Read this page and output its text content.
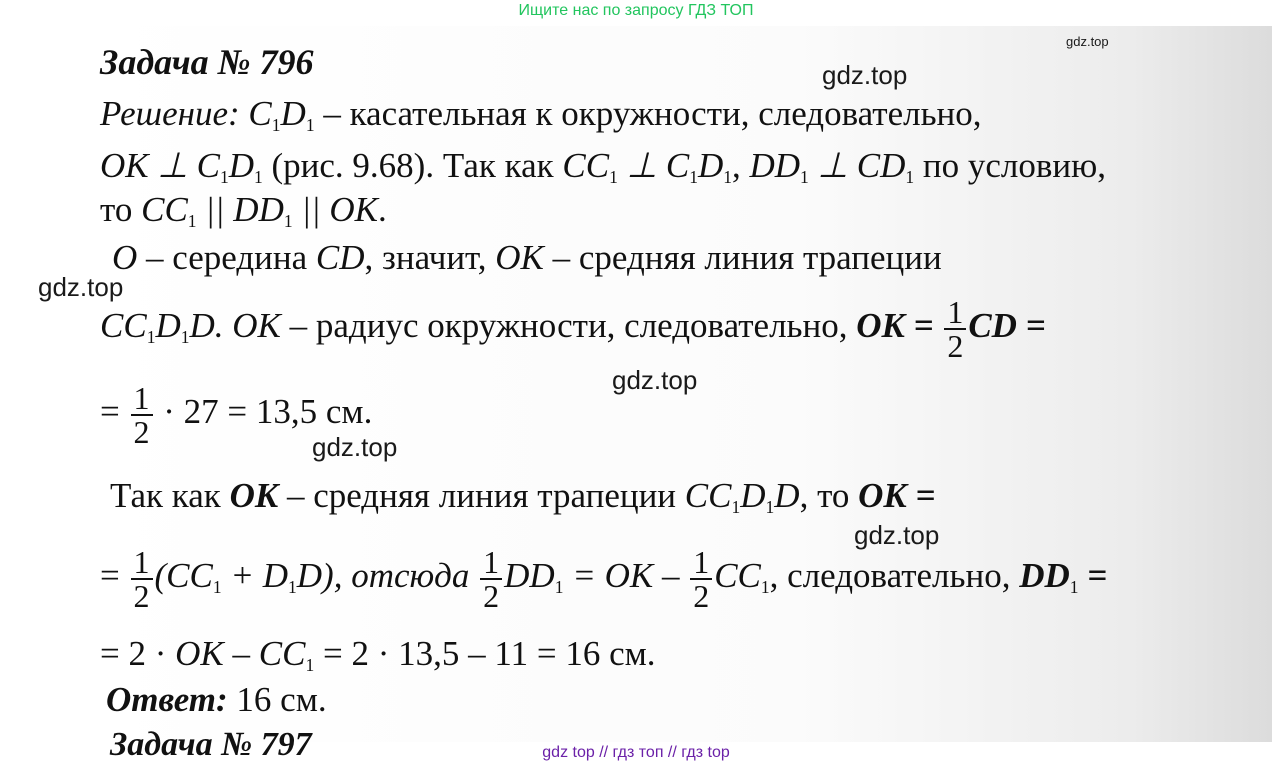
Ищите нас по запросу ГДЗ ТОП
Задача № 796
Решение: $C_1D_1$ – касательная к окружности, следовательно,
OK ⊥ $C_1D_1$ (рис. 9.68). Так как $CC_1$ ⊥ $C_1D_1$, $DD_1$ ⊥ $CD_1$ по условию,
то $CC_1$ || $DD_1$ || OK.
O – середина CD, значит, OK – средняя линия трапеции
$CC_1D_1D$. OK – радиус окружности, следовательно, OK = $\frac{1}{2}$ CD =
= $\frac{1}{2} \cdot 27 = 13,5$ см.
Так как OK – средняя линия трапеции $CC_1D_1D$, то OK =
= $\frac{1}{2} (CC_1 + D_1D)$, отсюда $\frac{1}{2} DD_1$ = OK – $\frac{1}{2} CC_1$, следовательно, $DD_1$ =
= 2 · OK – $CC_1 = 2 \cdot 13,5 - 11 = 16$ см.
Ответ: 16 см.
Задача № 797
gdz.top
gdz.top
gdz.top
gdz.top
gdz.top
gdz.top
gdz top // гдз топ // гдз top
